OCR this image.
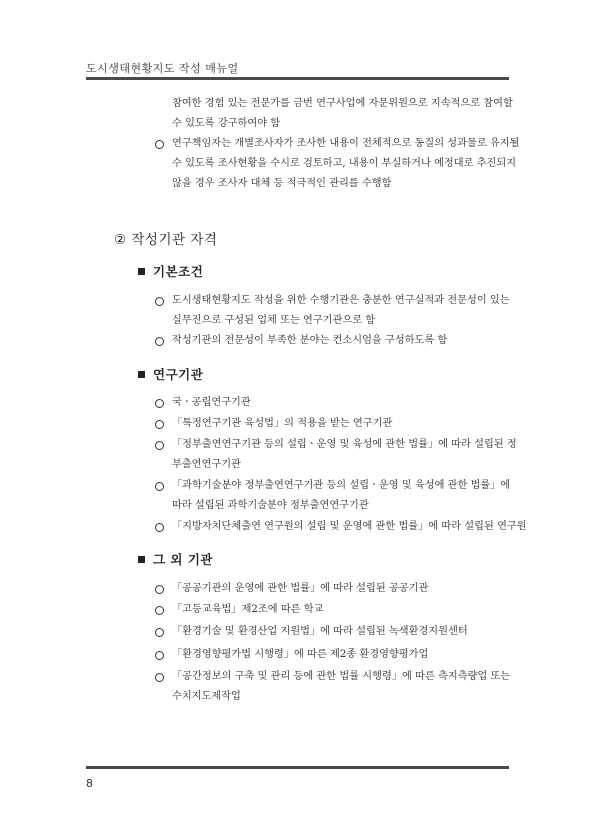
도시생태현황지도 작성 매뉴얼
참여한 경험 있는 전문가를 금번 연구사업에 자문위원으로 지속적으로 참여할
수 있도록 강구하여야 함
연구책임자는 개별조사자가 조사한 내용이 전체적으로 동질의 성과물로 유지될
수 있도록 조사현황을 수시로 검토하고, 내용이 부실하거나 예정대로 추진되지
않을 경우 조사자 대체 등 적극적인 관리를 수행함
② 작성기관 자격
기본조건
도시생태현황지도 작성을 위한 수행기관은 충분한 연구실적과 전문성이 있는
실무진으로 구성된 업체 또는 연구기관으로 함
작성기관의 전문성이 부족한 분야는 컨소시엄을 구성하도록 함
연구기관
국ㆍ공립연구기관
「특정연구기관 육성법」의 적용을 받는 연구기관
「정부출연연구기관 등의 설립ㆍ운영 및 육성에 관한 법률」에 따라 설립된 정
부출연연구기관
「과학기술분야 정부출연연구기관 등의 설립ㆍ운영 및 육성에 관한 법률」에
따라 설립된 과학기술분야 정부출연연구기관
「지방자치단체출연 연구원의 설립 및 운영에 관한 법률」에 따라 설립된 연구원
그 외 기관
「공공기관의 운영에 관한 법률」에 따라 설립된 공공기관
「고등교육법」제2조에 따른 학교
「환경기술 및 환경산업 지원법」에 따라 설립된 녹색환경지원센터
「환경영향평가법 시행령」에 따른 제2종 환경영향평가업
「공간정보의 구축 및 관리 등에 관한 법률 시행령」에 따른 측지측량업 또는
수치지도제작업
8
